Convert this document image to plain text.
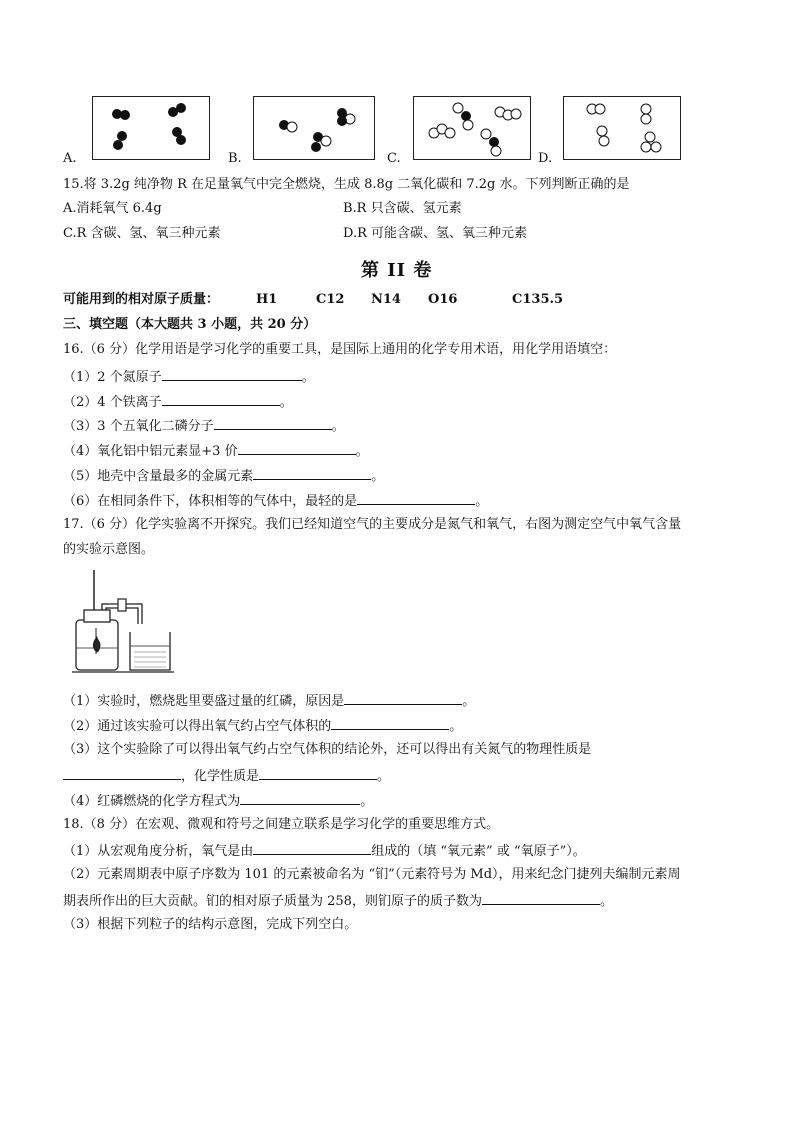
A.	B.	C.	D.
15.将 3.2g 纯净物 R 在足量氧气中完全燃烧，生成 8.8g 二氧化碳和 7.2g 水。下列判断正确的是
A.消耗氧气 6.4g	B.R 只含碳、氢元素
C.R 含碳、氢、氧三种元素	D.R 可能含碳、氢、氧三种元素
第 II 卷
可能用到的相对原子质量：	H1	C12 N14 O16	C135.5
三、填空题（本大题共 3 小题，共 20 分）
16.（6 分）化学用语是学习化学的重要工具，是国际上通用的化学专用术语，用化学用语填空：
（1）2 个氮原子	。
（2）4 个铁离子	。
（3）3 个五氧化二磷分子	。
（4）氧化铝中铝元素显+3 价	。
（5）地壳中含量最多的金属元素	。
（6）在相同条件下，体积相等的气体中，最轻的是	。
17.（6 分）化学实验离不开探究。我们已经知道空气的主要成分是氮气和氧气，右图为测定空气中氧气含量
的实验示意图。
（1）实验时，燃烧匙里要盛过量的红磷，原因是	。
（2）通过该实验可以得出氧气约占空气体积的	。
（3）这个实验除了可以得出氧气约占空气体积的结论外，还可以得出有关氮气的物理性质是
，化学性质是	。
（4）红磷燃烧的化学方程式为	。
18.（8 分）在宏观、微观和符号之间建立联系是学习化学的重要思维方式。
（1）从宏观角度分析，氧气是由	组成的（填 “氧元素” 或 “氧原子”）。
（2）元素周期表中原子序数为 101 的元素被命名为 “钔”（元素符号为 Md），用来纪念门捷列夫编制元素周
期表所作出的巨大贡献。钔的相对原子质量为 258，则钔原子的质子数为	。
（3）根据下列粒子的结构示意图，完成下列空白。
